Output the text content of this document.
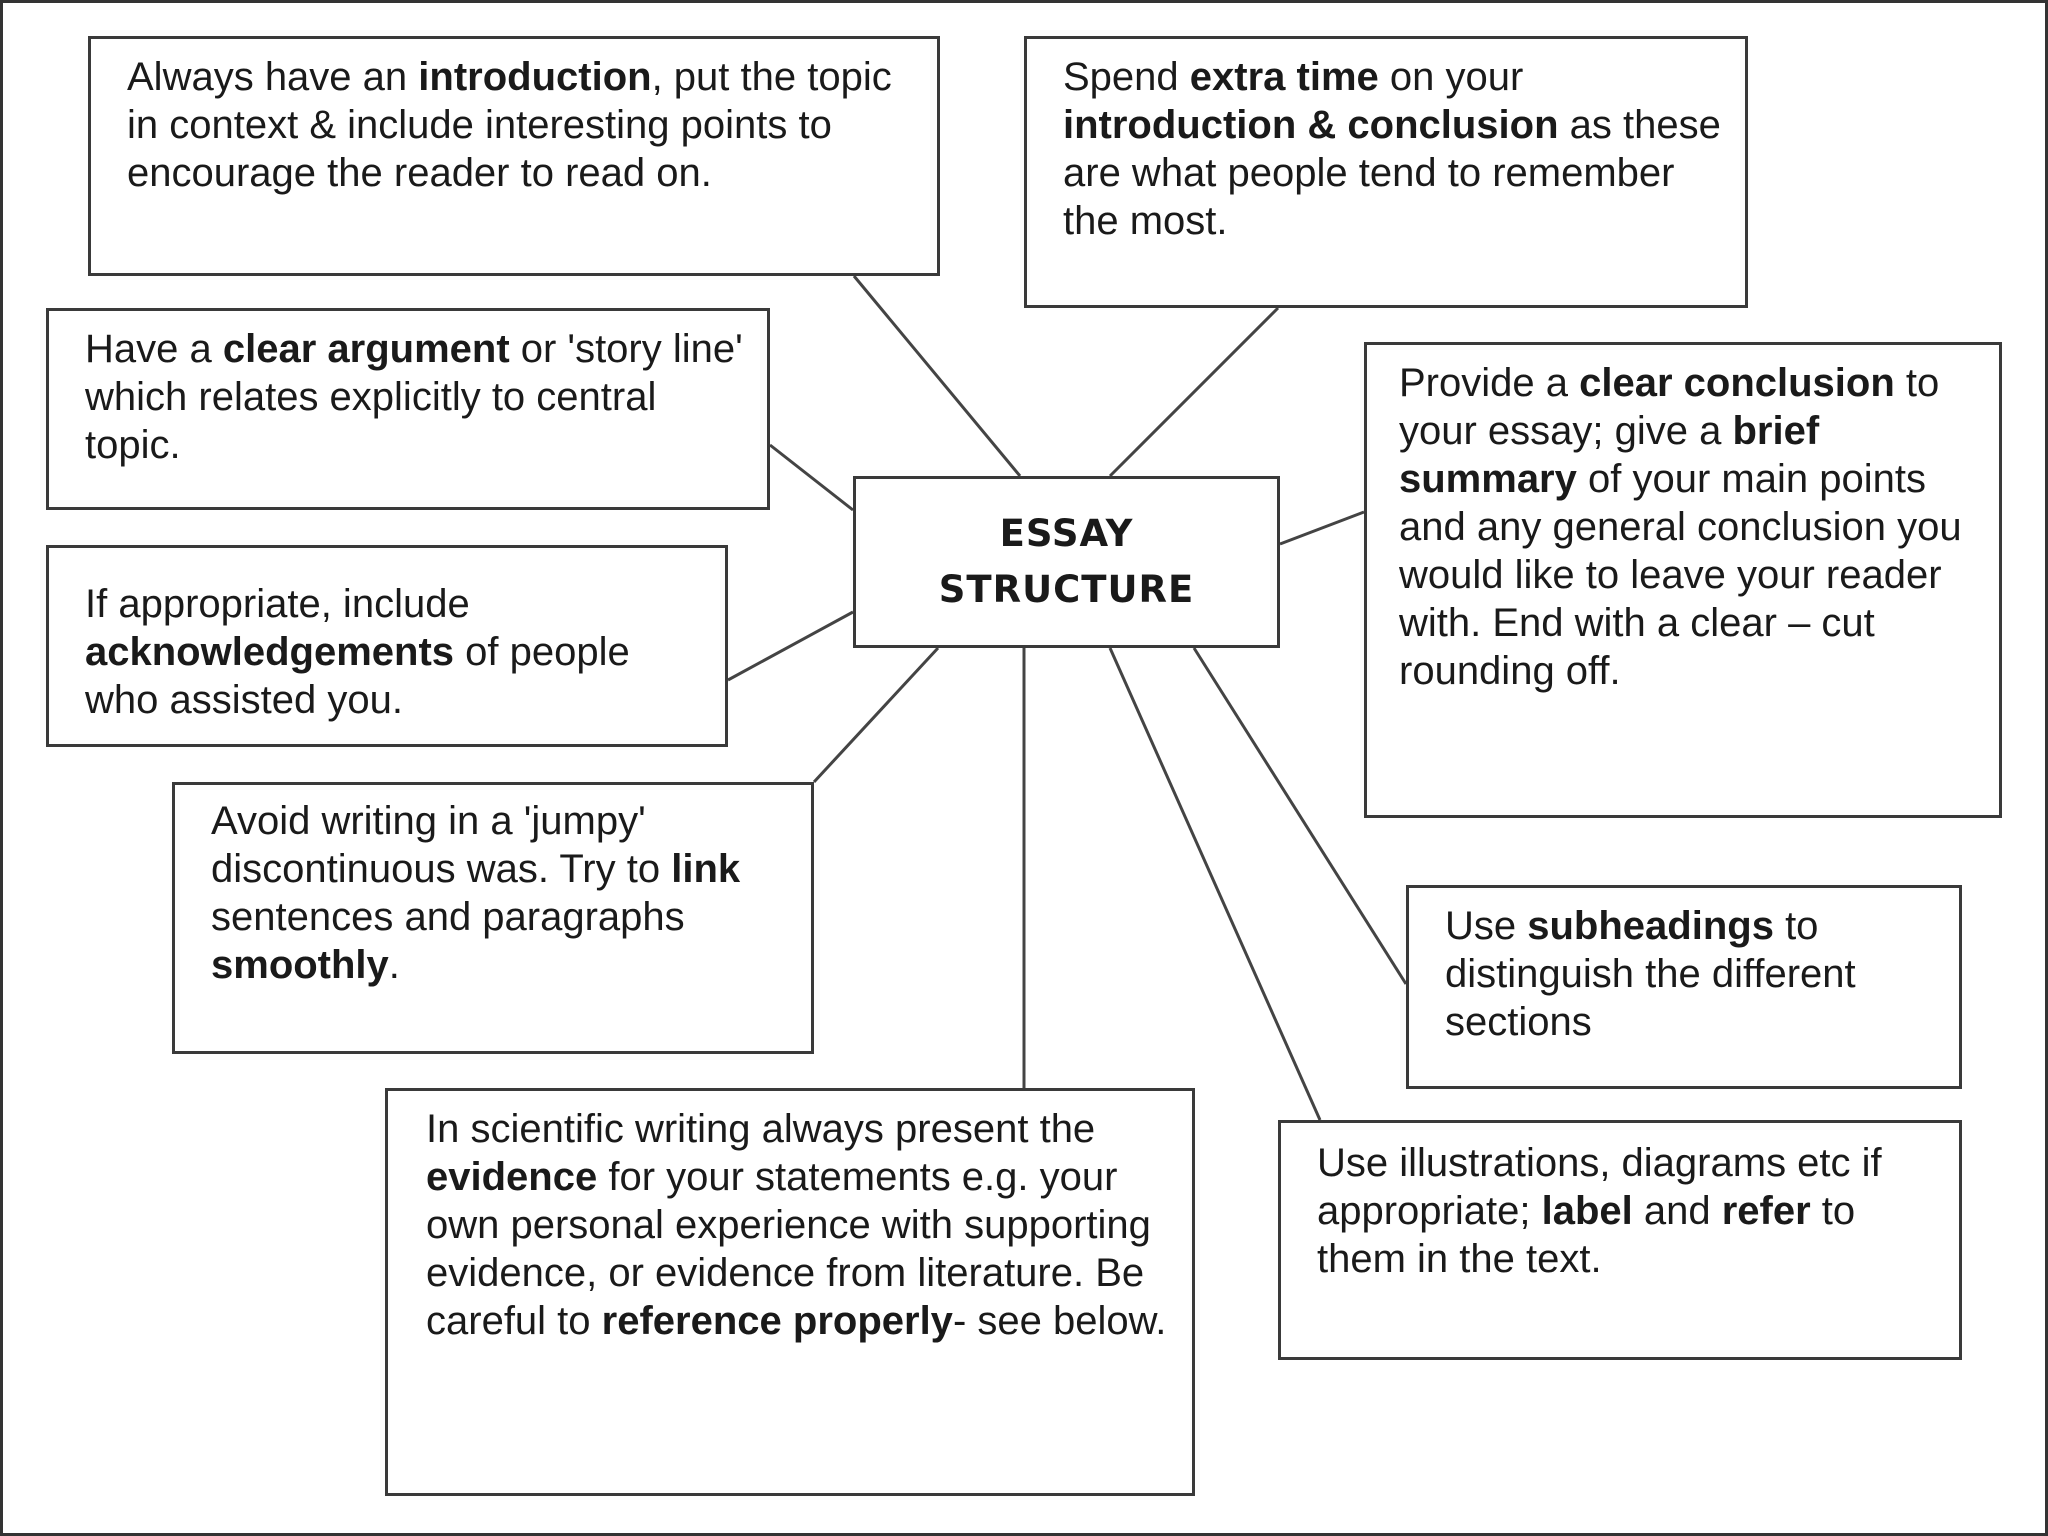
ESSAY
STRUCTURE

Always have an introduction, put the topic in context & include interesting points to encourage the reader to read on.

Spend extra time on your introduction & conclusion as these are what people tend to remember the most.

Have a clear argument or 'story line' which relates explicitly to central topic.

If appropriate, include acknowledgements of people who assisted you.

Avoid writing in a 'jumpy' discontinuous was. Try to link sentences and paragraphs smoothly.

Provide a clear conclusion to your essay; give a brief summary of your main points and any general conclusion you would like to leave your reader with. End with a clear – cut rounding off.

Use subheadings to distinguish the different sections

Use illustrations, diagrams etc if appropriate; label and refer to them in the text.

In scientific writing always present the evidence for your statements e.g. your own personal experience with supporting evidence, or evidence from literature. Be careful to reference properly- see below.
